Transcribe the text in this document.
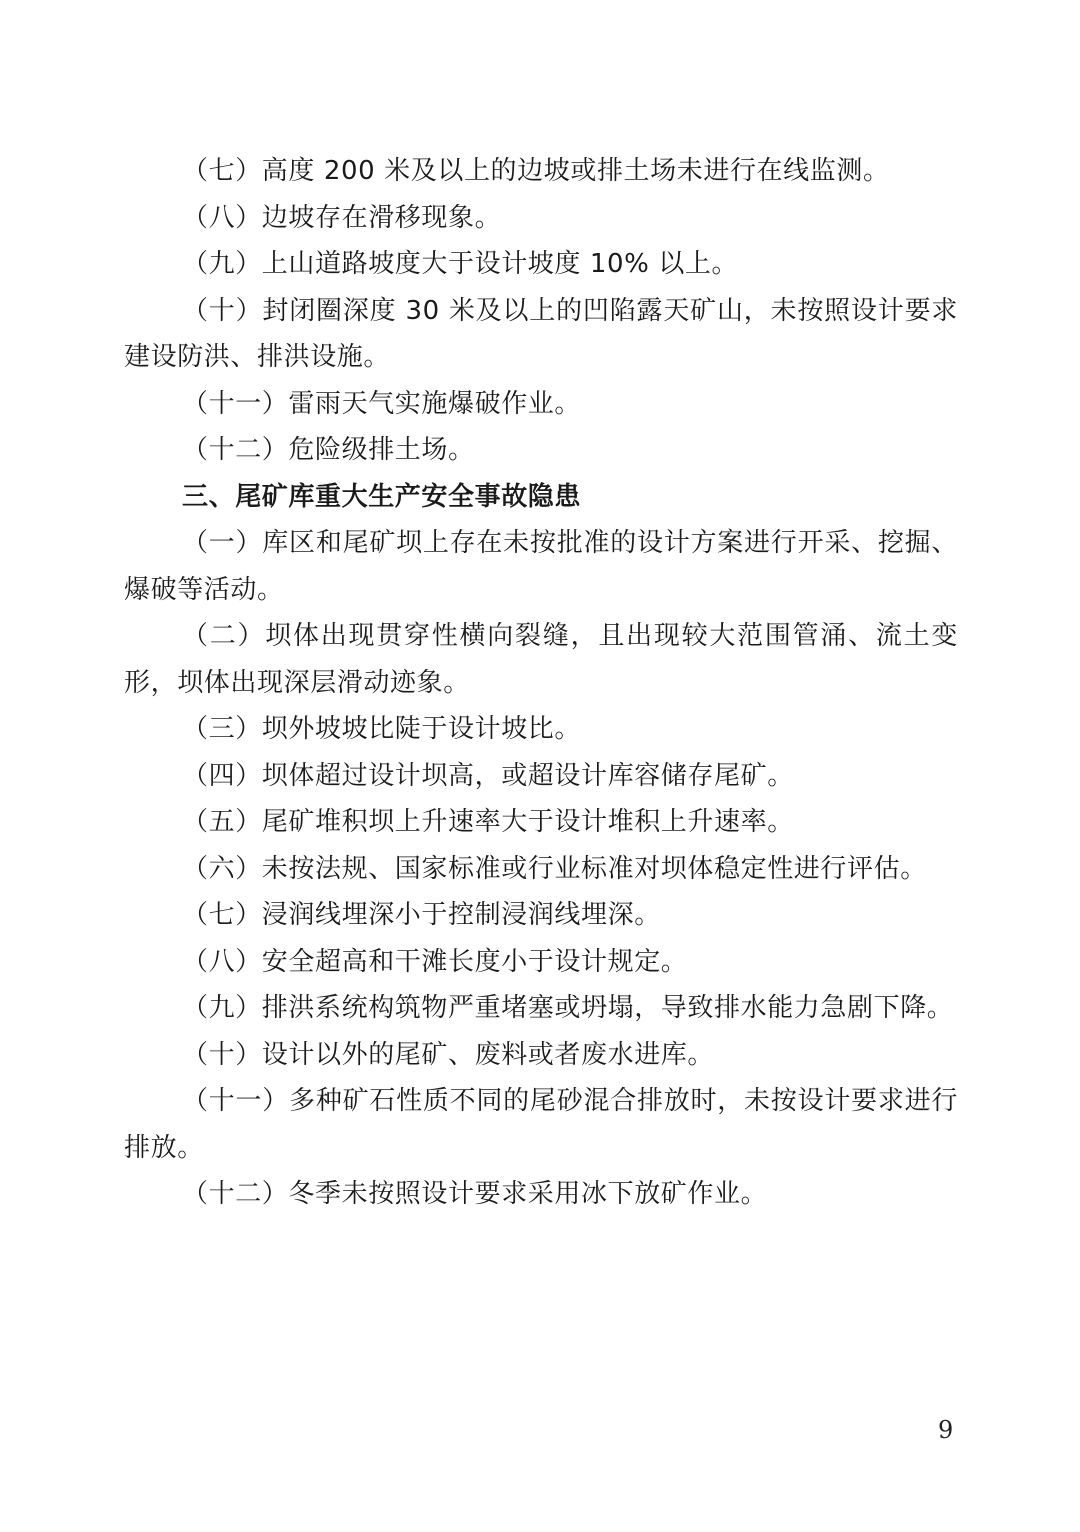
（七）高度 200 米及以上的边坡或排土场未进行在线监测。

（八）边坡存在滑移现象。

（九）上山道路坡度大于设计坡度 10% 以上。

（十）封闭圈深度 30 米及以上的凹陷露天矿山，未按照设计要求建设防洪、排洪设施。

（十一）雷雨天气实施爆破作业。

（十二）危险级排土场。

三、尾矿库重大生产安全事故隐患

（一）库区和尾矿坝上存在未按批准的设计方案进行开采、挖掘、爆破等活动。

（二）坝体出现贯穿性横向裂缝，且出现较大范围管涌、流土变形，坝体出现深层滑动迹象。

（三）坝外坡坡比陡于设计坡比。

（四）坝体超过设计坝高，或超设计库容储存尾矿。

（五）尾矿堆积坝上升速率大于设计堆积上升速率。

（六）未按法规、国家标准或行业标准对坝体稳定性进行评估。

（七）浸润线埋深小于控制浸润线埋深。

（八）安全超高和干滩长度小于设计规定。

（九）排洪系统构筑物严重堵塞或坍塌，导致排水能力急剧下降。

（十）设计以外的尾矿、废料或者废水进库。

（十一）多种矿石性质不同的尾砂混合排放时，未按设计要求进行排放。

（十二）冬季未按照设计要求采用冰下放矿作业。

9
